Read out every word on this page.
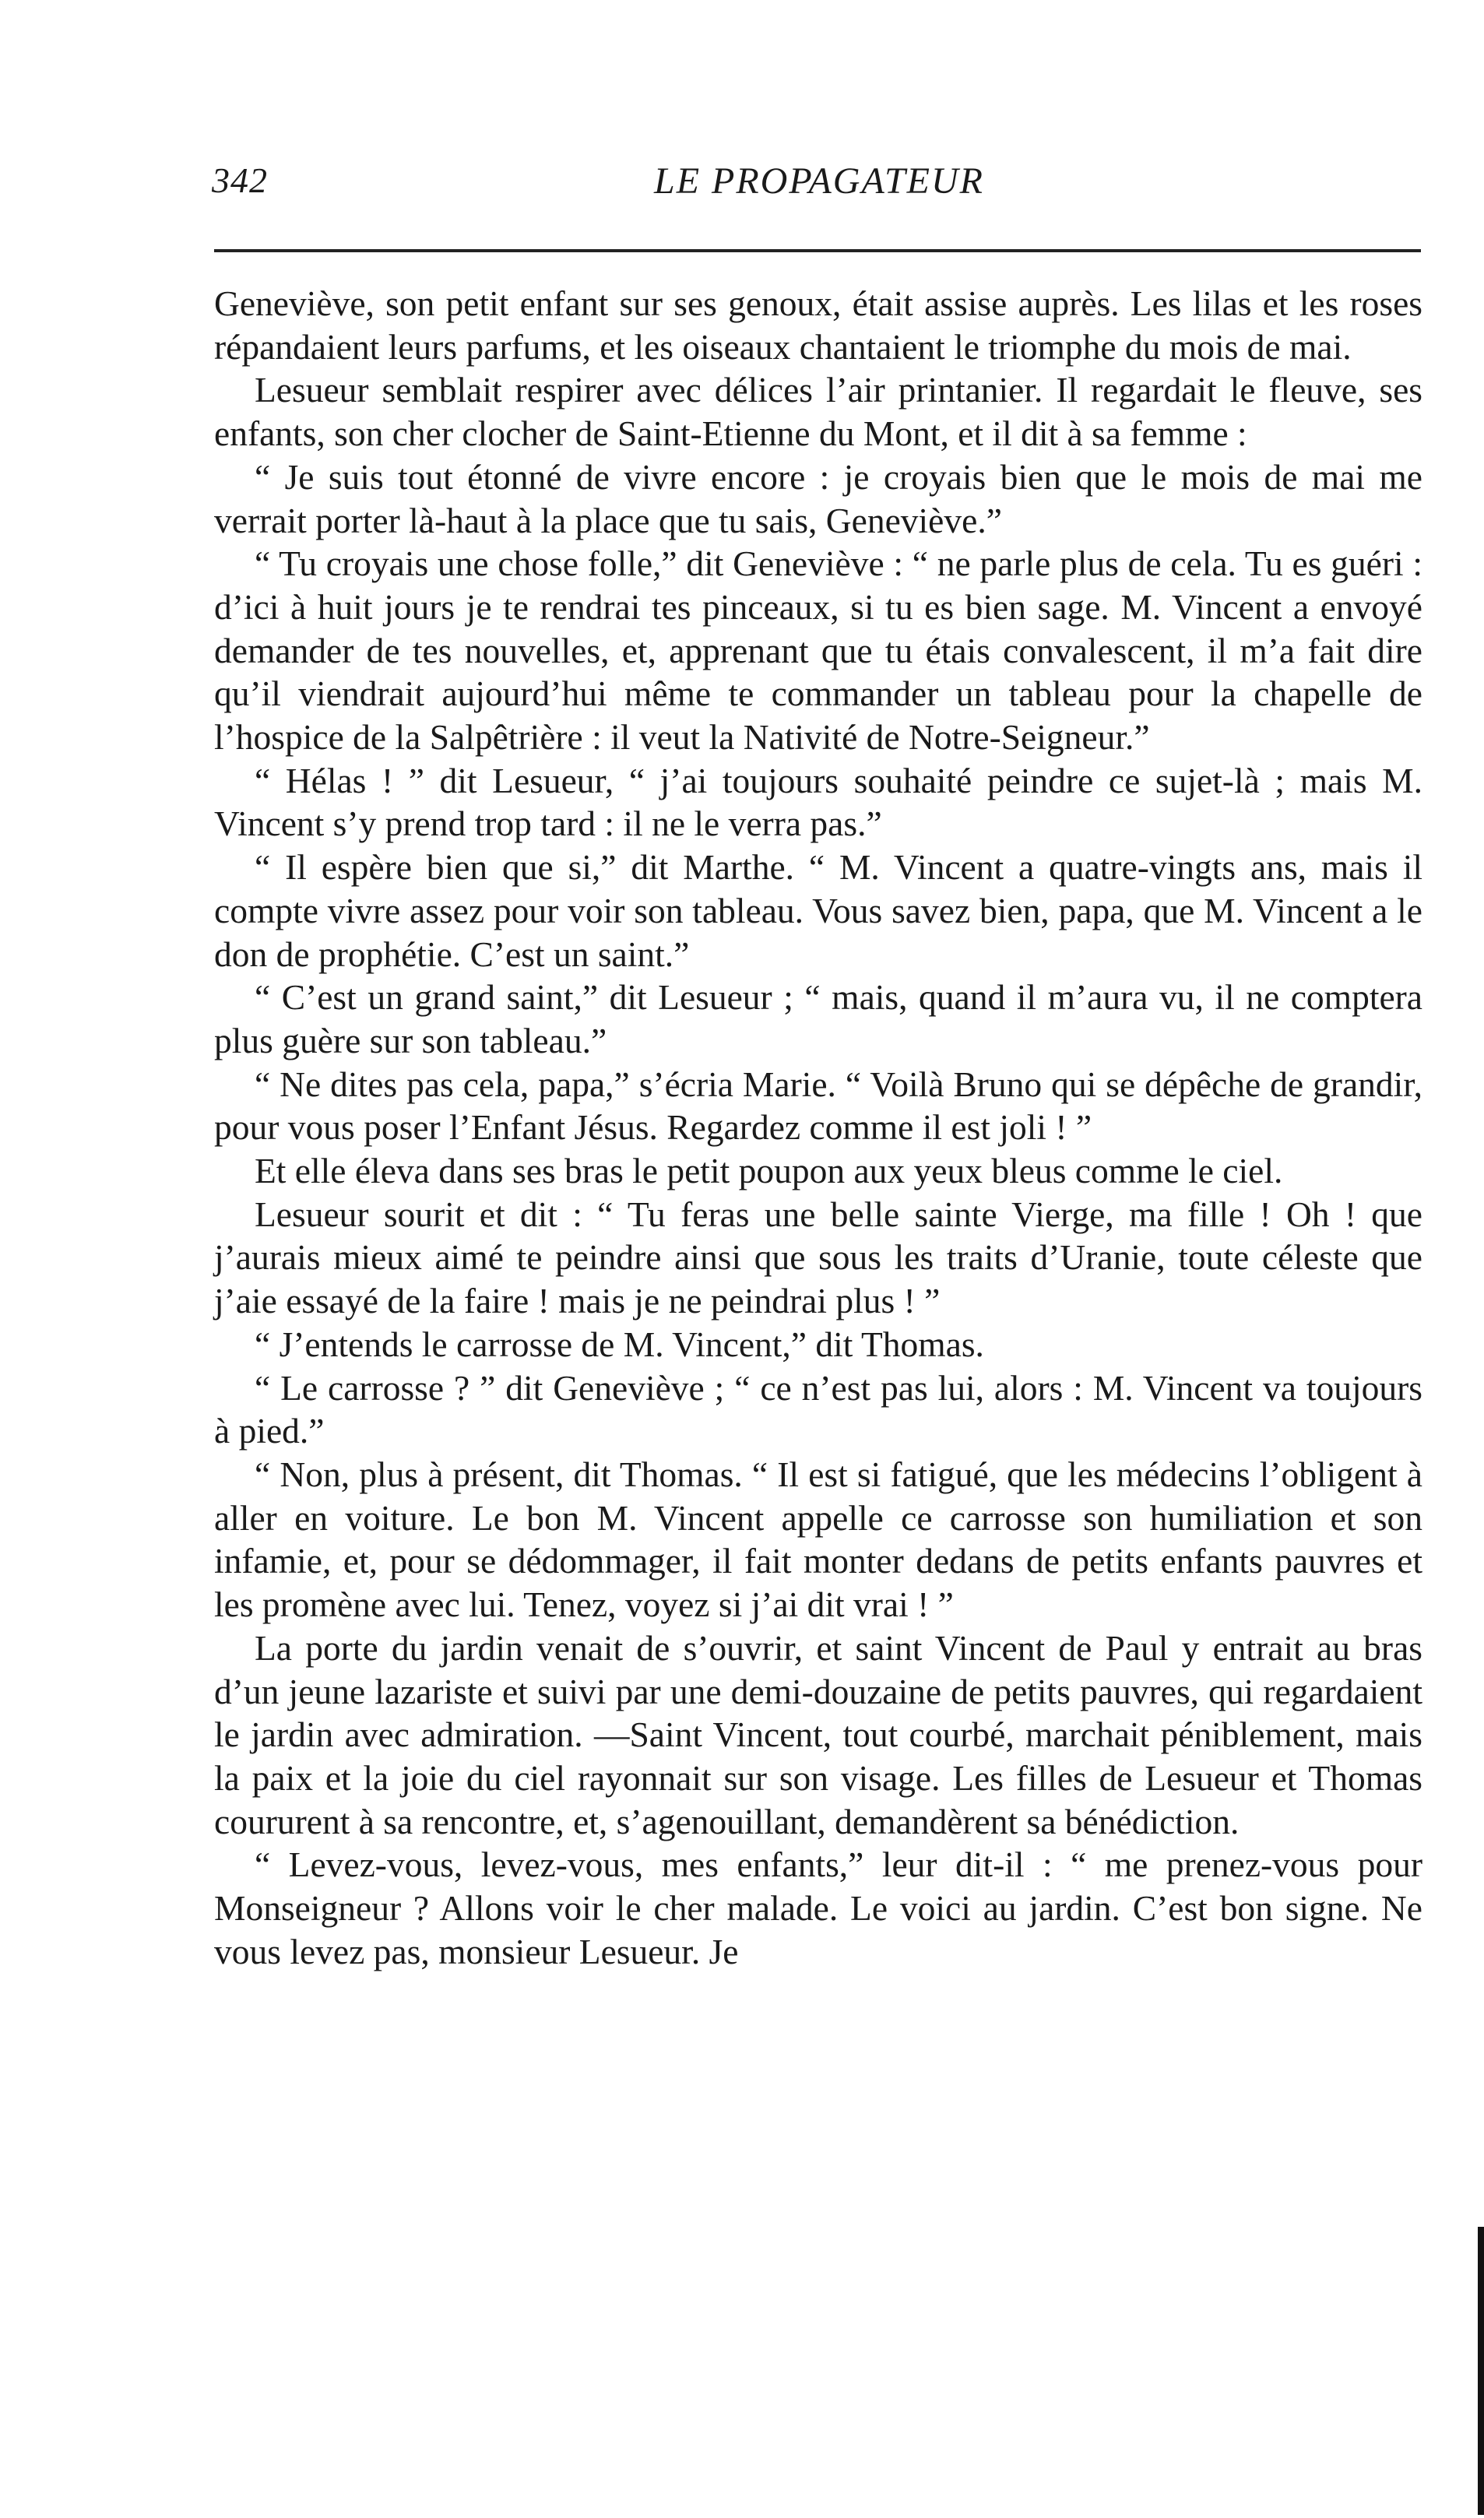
342	LE PROPAGATEUR

Geneviève, son petit enfant sur ses genoux, était assise auprès. Les lilas et les roses répandaient leurs parfums, et les oiseaux chantaient le triomphe du mois de mai.

Lesueur semblait respirer avec délices l’air printanier. Il regardait le fleuve, ses enfants, son cher clocher de Saint-Etienne du Mont, et il dit à sa femme :

“ Je suis tout étonné de vivre encore : je croyais bien que le mois de mai me verrait porter là-haut à la place que tu sais, Geneviève.”

“ Tu croyais une chose folle,” dit Geneviève : “ ne parle plus de cela. Tu es guéri : d’ici à huit jours je te rendrai tes pinceaux, si tu es bien sage. M. Vincent a envoyé demander de tes nouvelles, et, apprenant que tu étais convalescent, il m’a fait dire qu’il viendrait aujourd’hui même te commander un tableau pour la chapelle de l’hospice de la Salpêtrière : il veut la Nativité de Notre-Seigneur.”

“ Hélas ! ” dit Lesueur, “ j’ai toujours souhaité peindre ce sujet-là ; mais M. Vincent s’y prend trop tard : il ne le verra pas.”

“ Il espère bien que si,” dit Marthe. “ M. Vincent a quatre-vingts ans, mais il compte vivre assez pour voir son tableau. Vous savez bien, papa, que M. Vincent a le don de prophétie. C’est un saint.”

“ C’est un grand saint,” dit Lesueur ; “ mais, quand il m’aura vu, il ne comptera plus guère sur son tableau.”

“ Ne dites pas cela, papa,” s’écria Marie. “ Voilà Bruno qui se dépêche de grandir, pour vous poser l’Enfant Jésus. Regardez comme il est joli ! ”

Et elle éleva dans ses bras le petit poupon aux yeux bleus comme le ciel.

Lesueur sourit et dit : “ Tu feras une belle sainte Vierge, ma fille ! Oh ! que j’aurais mieux aimé te peindre ainsi que sous les traits d’Uranie, toute céleste que j’aie essayé de la faire ! mais je ne peindrai plus ! ”

“ J’entends le carrosse de M. Vincent,” dit Thomas.

“ Le carrosse ? ” dit Geneviève ; “ ce n’est pas lui, alors : M. Vincent va toujours à pied.”

“ Non, plus à présent, dit Thomas. “ Il est si fatigué, que les médecins l’obligent à aller en voiture. Le bon M. Vincent appelle ce carrosse son humiliation et son infamie, et, pour se dédommager, il fait monter dedans de petits enfants pauvres et les promène avec lui. Tenez, voyez si j’ai dit vrai ! ”

La porte du jardin venait de s’ouvrir, et saint Vincent de Paul y entrait au bras d’un jeune lazariste et suivi par une demi-douzaine de petits pauvres, qui regardaient le jardin avec admiration. —Saint Vincent, tout courbé, marchait péniblement, mais la paix et la joie du ciel rayonnait sur son visage. Les filles de Lesueur et Thomas coururent à sa rencontre, et, s’agenouillant, demandèrent sa bénédiction.

“ Levez-vous, levez-vous, mes enfants,” leur dit-il : “ me prenez-vous pour Monseigneur ? Allons voir le cher malade. Le voici au jardin. C’est bon signe. Ne vous levez pas, monsieur Lesueur. Je
